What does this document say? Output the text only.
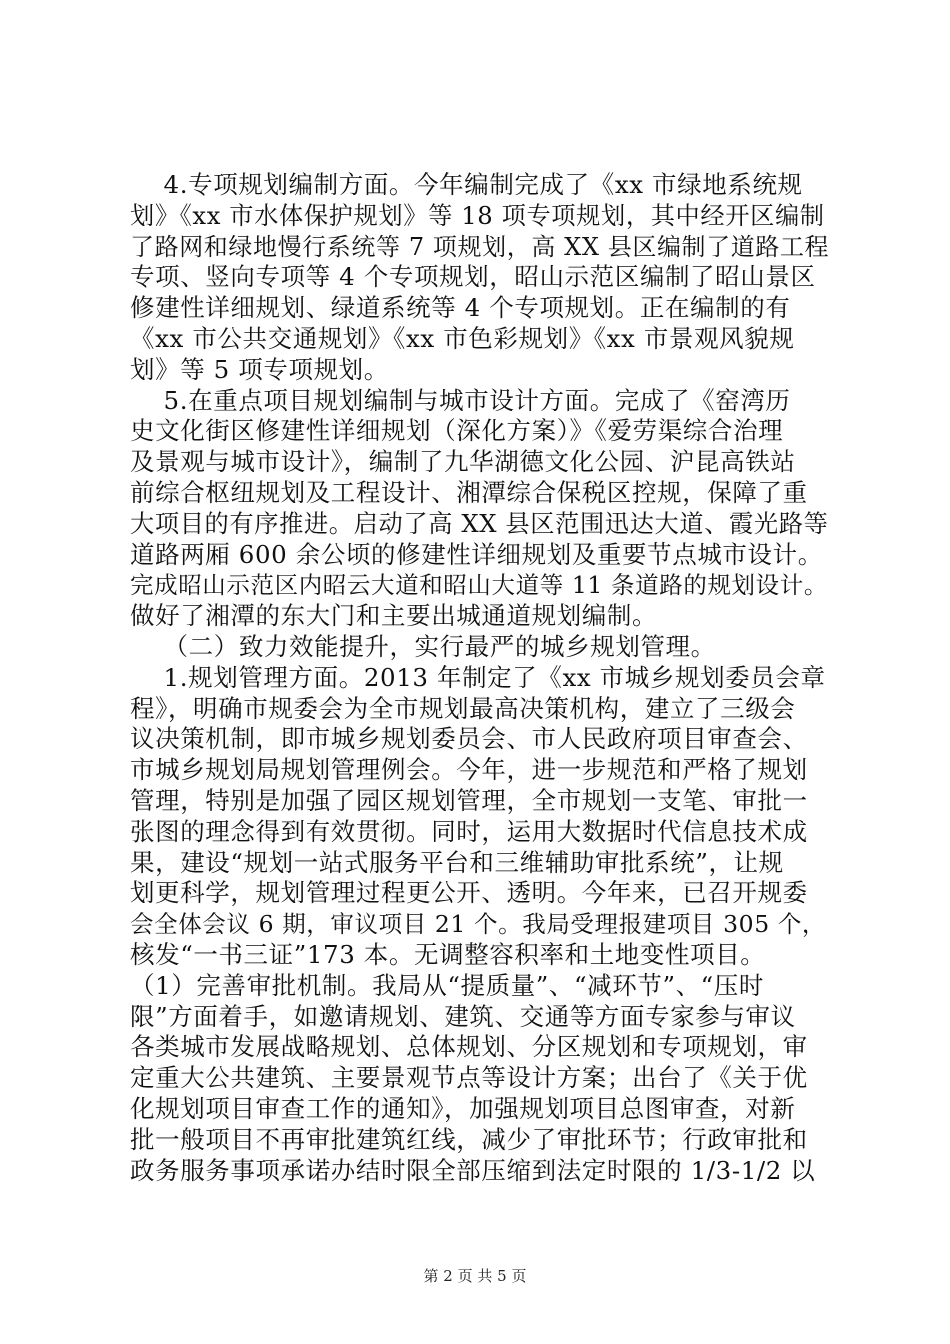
4.专项规划编制方面。今年编制完成了《xx 市绿地系统规
划》《xx 市水体保护规划》等 18 项专项规划，其中经开区编制
了路网和绿地慢行系统等 7 项规划，高 XX 县区编制了道路工程
专项、竖向专项等 4 个专项规划，昭山示范区编制了昭山景区
修建性详细规划、绿道系统等 4 个专项规划。正在编制的有
《xx 市公共交通规划》《xx 市色彩规划》《xx 市景观风貌规
划》等 5 项专项规划。
5.在重点项目规划编制与城市设计方面。完成了《窑湾历
史文化街区修建性详细规划（深化方案）》《爱劳渠综合治理
及景观与城市设计》，编制了九华湖德文化公园、沪昆高铁站
前综合枢纽规划及工程设计、湘潭综合保税区控规，保障了重
大项目的有序推进。启动了高 XX 县区范围迅达大道、霞光路等
道路两厢 600 余公顷的修建性详细规划及重要节点城市设计。
完成昭山示范区内昭云大道和昭山大道等 11 条道路的规划设计。
做好了湘潭的东大门和主要出城通道规划编制。
（二）致力效能提升，实行最严的城乡规划管理。
1.规划管理方面。2013 年制定了《xx 市城乡规划委员会章
程》，明确市规委会为全市规划最高决策机构，建立了三级会
议决策机制，即市城乡规划委员会、市人民政府项目审查会、
市城乡规划局规划管理例会。今年，进一步规范和严格了规划
管理，特别是加强了园区规划管理，全市规划一支笔、审批一
张图的理念得到有效贯彻。同时，运用大数据时代信息技术成
果，建设“规划一站式服务平台和三维辅助审批系统”，让规
划更科学，规划管理过程更公开、透明。今年来，已召开规委
会全体会议 6 期，审议项目 21 个。我局受理报建项目 305 个，
核发“一书三证”173 本。无调整容积率和土地变性项目。
（1）完善审批机制。我局从“提质量”、“减环节”、“压时
限”方面着手，如邀请规划、建筑、交通等方面专家参与审议
各类城市发展战略规划、总体规划、分区规划和专项规划，审
定重大公共建筑、主要景观节点等设计方案；出台了《关于优
化规划项目审查工作的通知》，加强规划项目总图审查，对新
批一般项目不再审批建筑红线，减少了审批环节；行政审批和
政务服务事项承诺办结时限全部压缩到法定时限的 1/3-1/2 以
第 2 页 共 5 页
